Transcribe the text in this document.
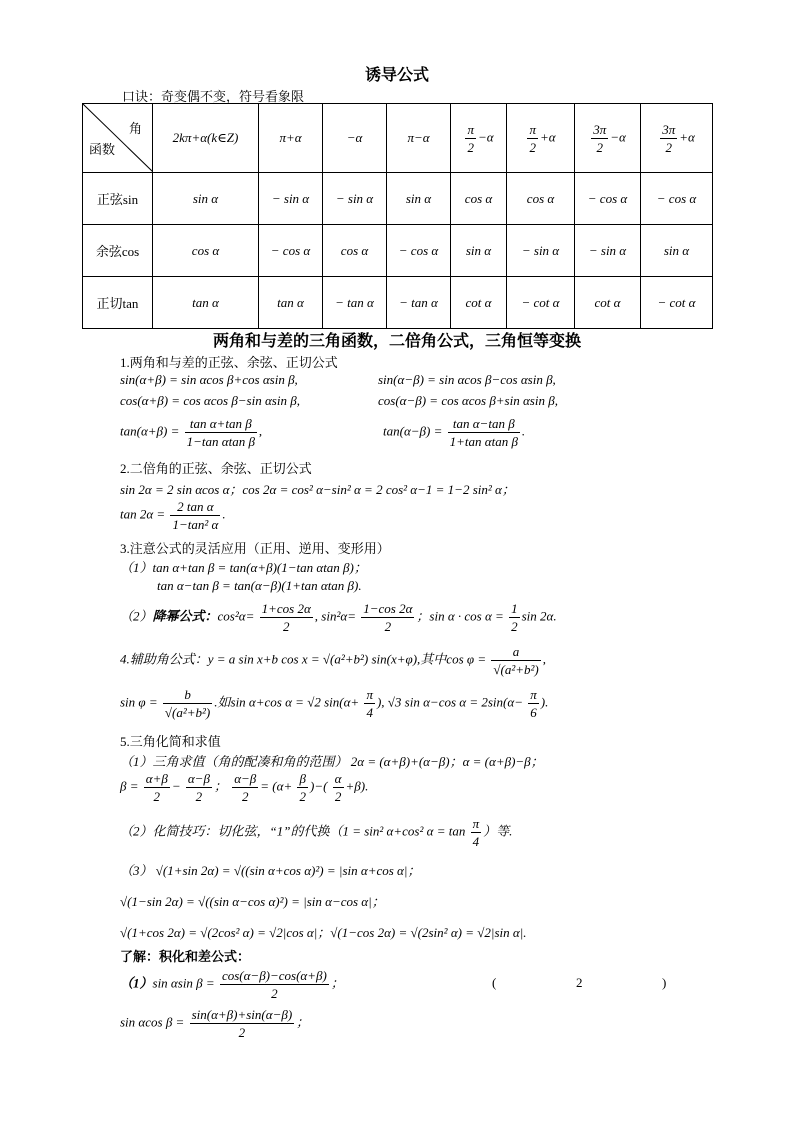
诱导公式
口诀：奇变偶不变，符号看象限
角
函数	2kπ+α(k∈Z)	π+α	−α	π−α	$\frac{\pi}{2} -\alpha$	$\frac{\pi}{2} +\alpha$	$\frac{3\pi}{2} -\alpha$	$\frac{3\pi}{2} +\alpha$
正弦sin	sin α	− sin α	− sin α	sin α	cos α	cos α	− cos α	− cos α
余弦cos	cos α	− cos α	cos α	− cos α	sin α	− sin α	− sin α	sin α
正切tan	tan α	tan α	− tan α	− tan α	cot α	− cot α	cot α	− cot α
两角和与差的三角函数，二倍角公式，三角恒等变换
1.两角和与差的正弦、余弦、正切公式
sin(α+β) = sin αcos β+cos αsin β,	sin(α−β) = sin αcos β−cos αsin β,
cos(α+β) = cos αcos β−sin αsin β,	cos(α−β) = cos αcos β+sin αsin β,
$\tan(\alpha+\beta) = \frac{\text{tan α+tan β}}{\text{1−tan αtan β}}$ ,	$\tan(\alpha-\beta) = \frac{\text{tan α−tan β}}{\text{1+tan αtan β}}$ .
2.二倍角的正弦、余弦、正切公式
sin 2α = 2 sin αcos α；cos 2α = cos² α−sin² α = 2 cos² α−1 = 1−2 sin² α；
$\tan 2\alpha = \frac{\text{2 tan α}}{\text{1−tan² α}}$ .
3.注意公式的灵活应用（正用、逆用、变形用）
（1）tan α+tan β = tan(α+β)(1−tan αtan β)；
tan α−tan β = tan(α−β)(1+tan αtan β).
（2）降幂公式：$\cos^2\alpha= \frac{1+\cos 2\alpha}{2}$ , $\sin^2\alpha= \frac{1-\cos 2\alpha}{2}$ ；$\sin \alpha \cdot \cos \alpha = \frac{1}{2}$ sin 2α.
4.辅助角公式：y = a sin x+b cos x = √(a²+b²) sin(x+φ),其中$\cos \varphi = \frac{a}{\text{√(a²+b²)}}$ ,
$\sin \varphi = \frac{b}{\text{√(a²+b²)}}$ .如sin α+cos α = √2 $\sin(\alpha+ \frac{\pi}{4}$ ), √3 sin α−cos $\alpha = 2\sin(\alpha- \frac{\pi}{6}$ ).
5.三角化简和求值
（1）三角求值（角的配凑和角的范围） 2α = (α+β)+(α−β)；α = (α+β)−β；
$\beta = \frac{\alpha+\beta}{2} - \frac{\alpha-\beta}{2}$ ； $\frac{\alpha-\beta}{2} = (\alpha+ \frac{\beta}{2}$ )−( $\frac{\alpha}{2} +\beta$).
（2）化简技巧：切化弦，“1”的代换（1 = sin² α+cos² $\alpha = \tan \frac{\pi}{4}$ ）等.
（3） √(1+sin 2α) = √((sin α+cos α)²) = |sin α+cos α|；
√(1−sin 2α) = √((sin α−cos α)²) = |sin α−cos α|；
√(1+cos 2α) = √(2cos² α) = √2|cos α|；√(1−cos 2α) = √(2sin² α) = √2|sin α|.
了解：积化和差公式：
（1）sin αsin $\beta = \frac{\cos(\alpha-\beta)-\cos(\alpha+\beta)}{2}$ ；	(	2	)
sin αcos $\beta = \frac{\sin(\alpha+\beta)+\sin(\alpha-\beta)}{2}$ ；
